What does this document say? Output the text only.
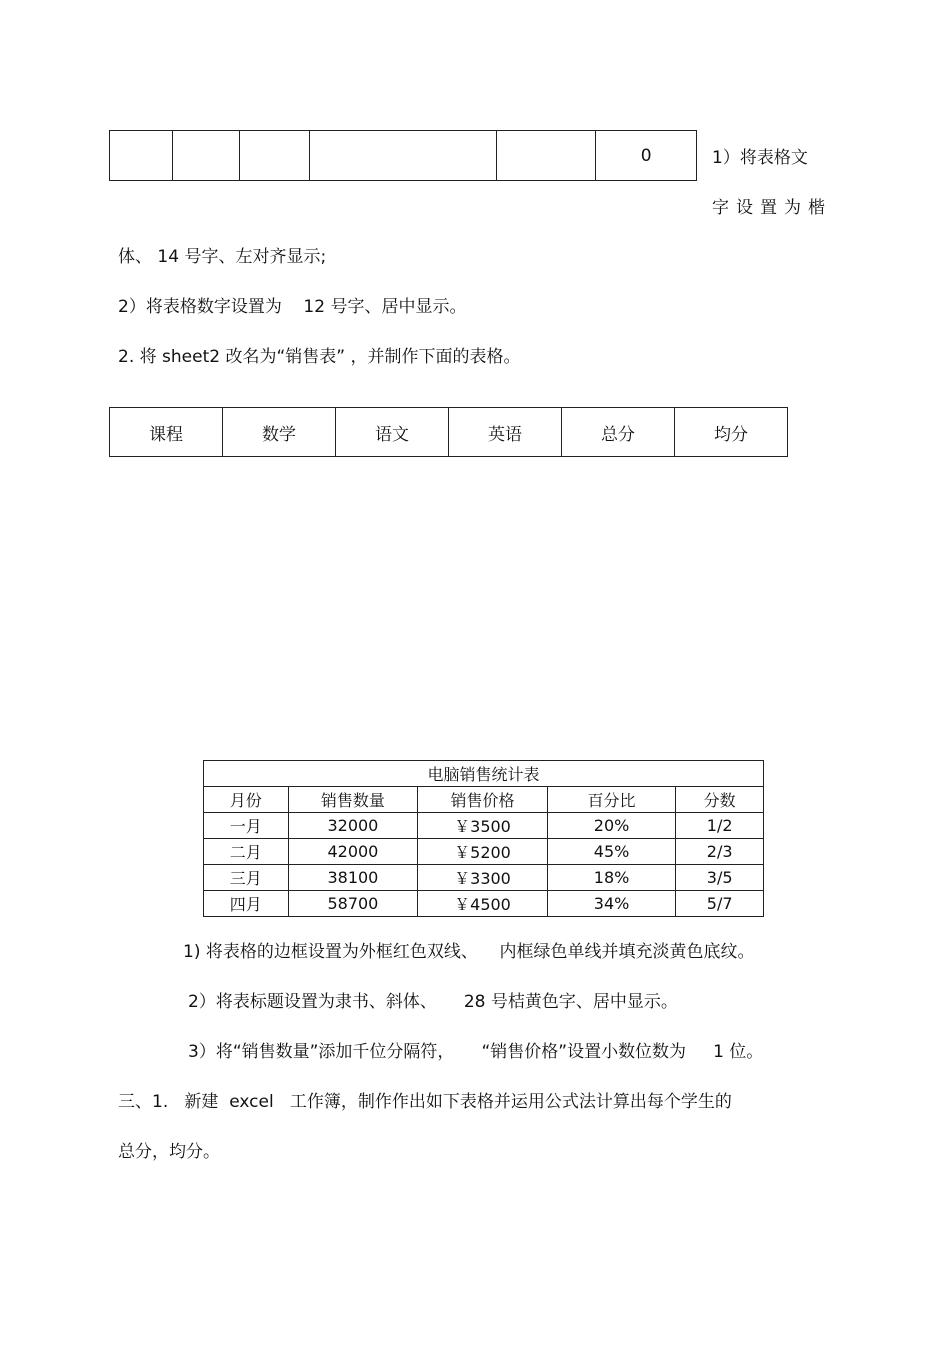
					0	1）将表格文
字设置为楷
体、 14 号字、左对齐显示;
2）将表格数字设置为    12 号字、居中显示。
2. 将 sheet2 改名为“销售表” ，并制作下面的表格。
课程	数学	语文	英语	总分	均分
电脑销售统计表				
月份	销售数量	销售价格	百分比	分数
一月	32000	￥3500	20%	1/2
二月	42000	￥5200	45%	2/3
三月	38100	￥3300	18%	3/5
四月	58700	￥4500	34%	5/7
1) 将表格的边框设置为外框红色双线、    内框绿色单线并填充淡黄色底纹。
2）将表标题设置为隶书、斜体、     28 号桔黄色字、居中显示。
3）将“销售数量”添加千位分隔符，     “销售价格”设置小数位数为     1 位。
三、1.   新建  excel   工作簿，制作作出如下表格并运用公式法计算出每个学生的
总分，均分。
